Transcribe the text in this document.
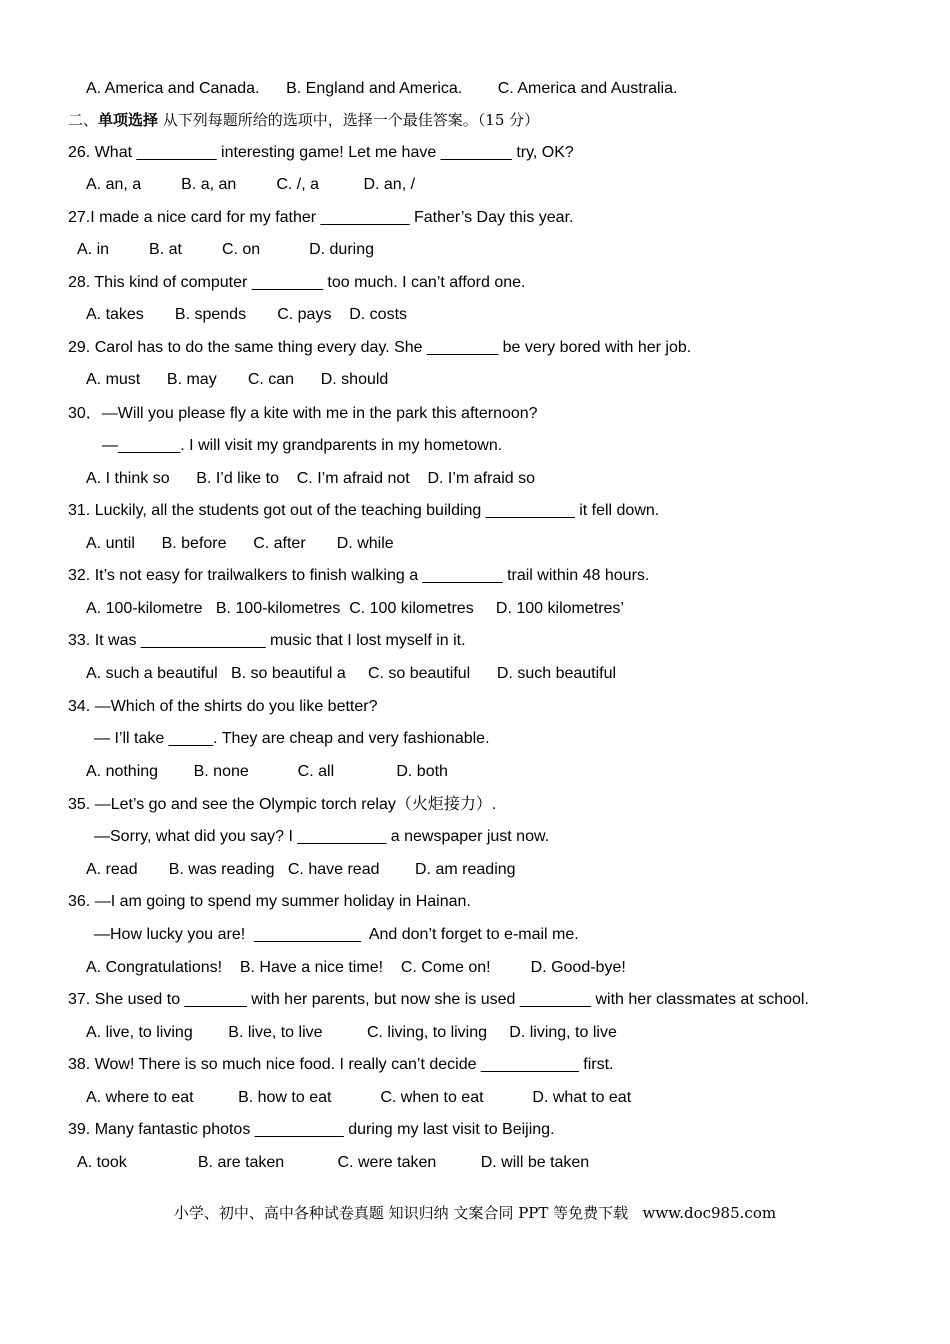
A. America and Canada.      B. England and America.        C. America and Australia.
二、单项选择 从下列每题所给的选项中，选择一个最佳答案。（15 分）
26. What _________ interesting game! Let me have ________ try, OK?
A. an, a         B. a, an         C. /, a          D. an, /
27.I made a nice card for my father __________ Father’s Day this year.
A. in         B. at         C. on           D. during
28. This kind of computer ________ too much. I can’t afford one.
A. takes       B. spends       C. pays    D. costs
29. Carol has to do the same thing every day. She ________ be very bored with her job.
A. must      B. may       C. can      D. should
30．—Will you please fly a kite with me in the park this afternoon?
—_______. I will visit my grandparents in my hometown.
A. I think so      B. I’d like to    C. I’m afraid not    D. I’m afraid so
31. Luckily, all the students got out of the teaching building __________ it fell down.
A. until      B. before      C. after       D. while
32. It’s not easy for trailwalkers to finish walking a _________ trail within 48 hours.
A. 100-kilometre   B. 100-kilometres  C. 100 kilometres     D. 100 kilometres’
33. It was ______________ music that I lost myself in it.
A. such a beautiful   B. so beautiful a     C. so beautiful      D. such beautiful
34. —Which of the shirts do you like better?
— I’ll take _____. They are cheap and very fashionable.
A. nothing        B. none           C. all              D. both
35. —Let’s go and see the Olympic torch relay（火炬接力）.
—Sorry, what did you say? I __________ a newspaper just now.
A. read       B. was reading   C. have read        D. am reading
36. —I am going to spend my summer holiday in Hainan.
—How lucky you are!  ____________  And don’t forget to e-mail me.
A. Congratulations!    B. Have a nice time!    C. Come on!         D. Good-bye!
37. She used to _______ with her parents, but now she is used ________ with her classmates at school.
A. live, to living        B. live, to live          C. living, to living     D. living, to live
38. Wow! There is so much nice food. I really can’t decide ___________ first.
A. where to eat          B. how to eat           C. when to eat           D. what to eat
39. Many fantastic photos __________ during my last visit to Beijing.
A. took                B. are taken            C. were taken          D. will be taken
小学、初中、高中各种试卷真题 知识归纳 文案合同 PPT 等免费下载   www.doc985.com
